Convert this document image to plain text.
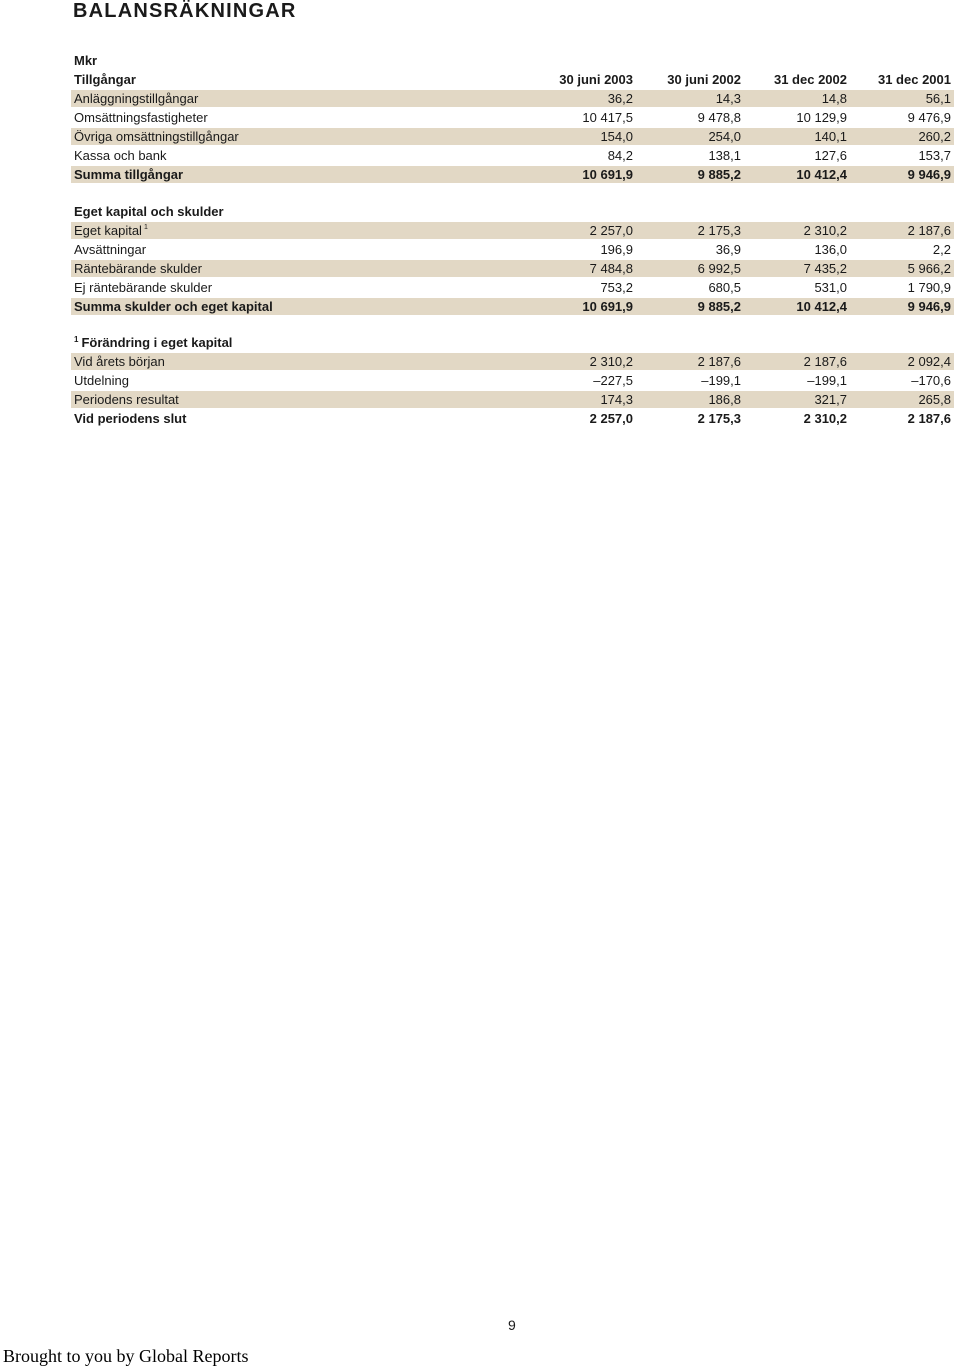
BALANSRÄKNINGAR
Mkr
Tillgångar	30 juni 2003	30 juni 2002	31 dec 2002	31 dec 2001
Anläggningstillgångar	36,2	14,3	14,8	56,1
Omsättningsfastigheter	10 417,5	9 478,8	10 129,9	9 476,9
Övriga omsättningstillgångar	154,0	254,0	140,1	260,2
Kassa och bank	84,2	138,1	127,6	153,7
Summa tillgångar	10 691,9	9 885,2	10 412,4	9 946,9
Eget kapital och skulder
Eget kapital $^1$	2 257,0	2 175,3	2 310,2	2 187,6
Avsättningar	196,9	36,9	136,0	2,2
Räntebärande skulder	7 484,8	6 992,5	7 435,2	5 966,2
Ej räntebärande skulder	753,2	680,5	531,0	1 790,9
Summa skulder och eget kapital	10 691,9	9 885,2	10 412,4	9 946,9
$^1$ Förändring i eget kapital
Vid årets början	2 310,2	2 187,6	2 187,6	2 092,4
Utdelning	–227,5	–199,1	–199,1	–170,6
Periodens resultat	174,3	186,8	321,7	265,8
Vid periodens slut	2 257,0	2 175,3	2 310,2	2 187,6
9
Brought to you by Global Reports
